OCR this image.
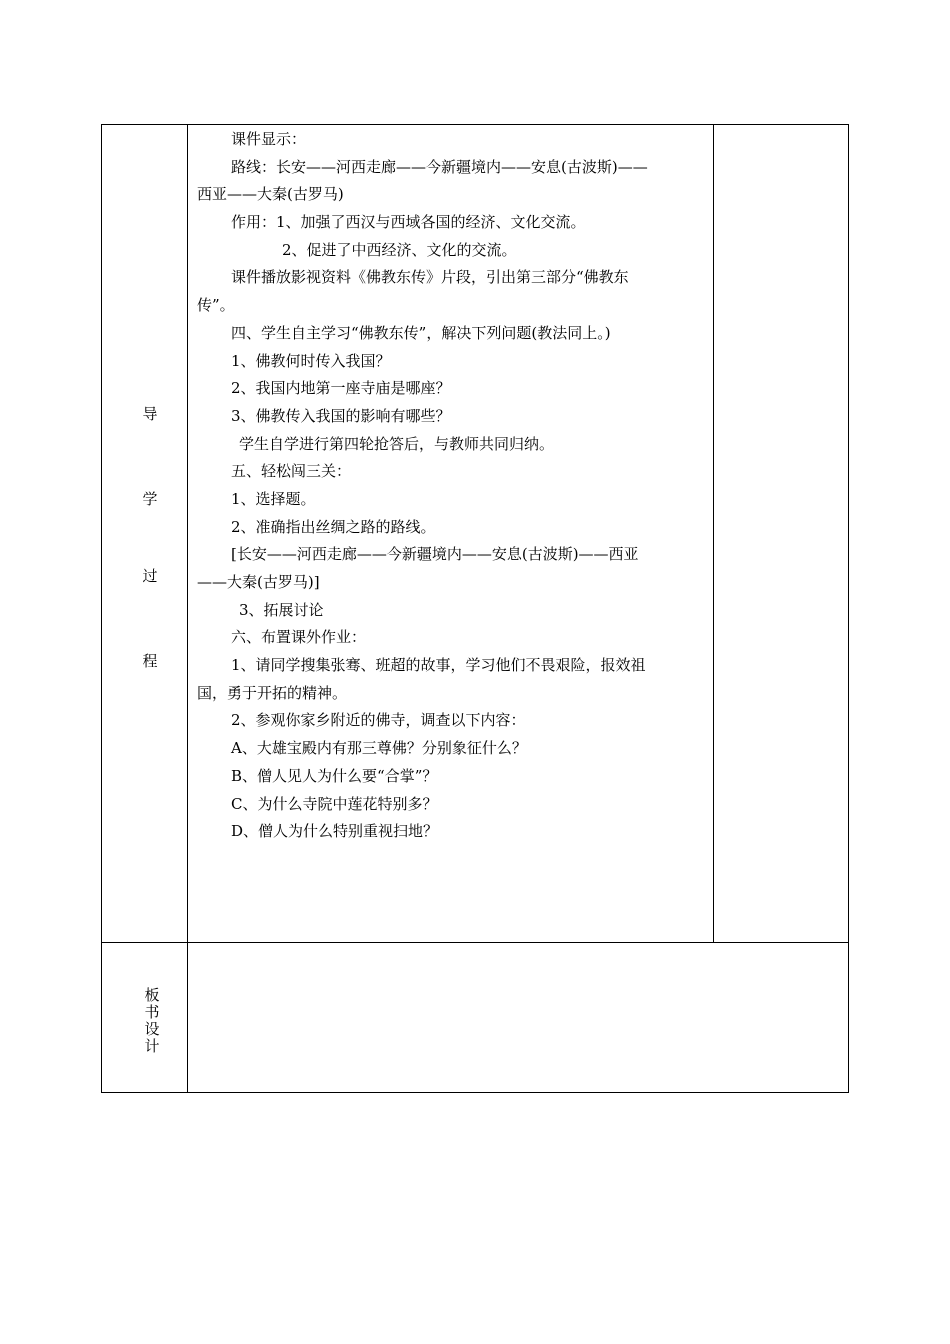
导
学
过
程
课件显示：
路线：长安——河西走廊——今新疆境内——安息(古波斯)——
西亚——大秦(古罗马)
作用：1、加强了西汉与西域各国的经济、文化交流。
2、促进了中西经济、文化的交流。
课件播放影视资料《佛教东传》片段，引出第三部分“佛教东
传”。
四、学生自主学习“佛教东传”，解决下列问题(教法同上。)
1、佛教何时传入我国？
2、我国内地第一座寺庙是哪座？
3、佛教传入我国的影响有哪些？
学生自学进行第四轮抢答后，与教师共同归纳。
五、轻松闯三关：
1、选择题。
2、准确指出丝绸之路的路线。
[长安——河西走廊——今新疆境内——安息(古波斯)——西亚
——大秦(古罗马)]
3、拓展讨论
六、布置课外作业：
1、请同学搜集张骞、班超的故事，学习他们不畏艰险，报效祖
国，勇于开拓的精神。
2、参观你家乡附近的佛寺，调查以下内容：
A、大雄宝殿内有那三尊佛？分别象征什么？
B、僧人见人为什么要“合掌”？
C、为什么寺院中莲花特别多？
D、僧人为什么特别重视扫地？
板
书
设
计
